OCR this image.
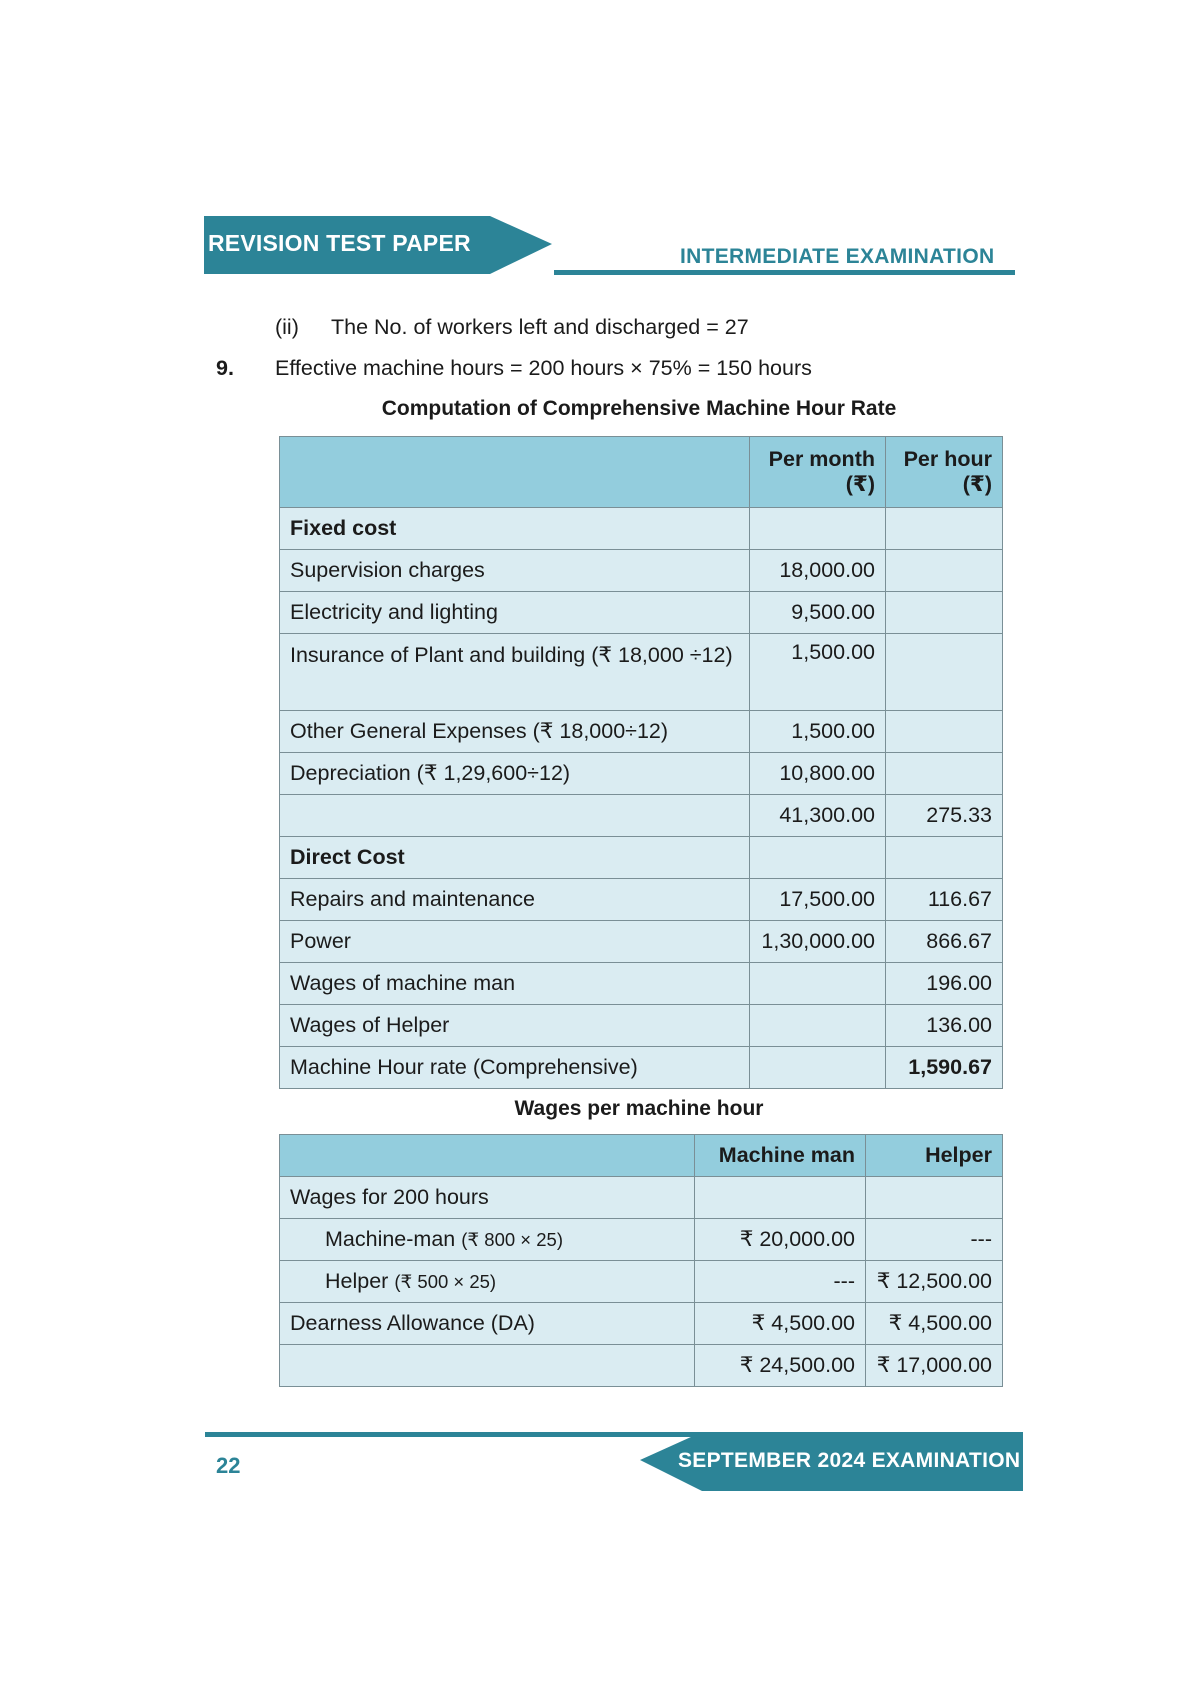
REVISION TEST PAPER
INTERMEDIATE EXAMINATION
(ii) The No. of workers left and discharged = 27
9. Effective machine hours = 200 hours × 75% = 150 hours
Computation of Comprehensive Machine Hour Rate
	Per month (₹)	Per hour (₹)
Fixed cost		
Supervision charges	18,000.00	
Electricity and lighting	9,500.00	

Insurance of Plant and building (₹ 18,000 ÷12)	1,500.00	
Other General Expenses (₹ 18,000÷12)	1,500.00	
Depreciation (₹ 1,29,600÷12)	10,800.00	
	41,300.00	275.33
Direct Cost		
Repairs and maintenance	17,500.00	116.67
Power	1,30,000.00	866.67
Wages of machine man		196.00
Wages of Helper		136.00
Machine Hour rate (Comprehensive)		1,590.67
Wages per machine hour
	Machine man	Helper
Wages for 200 hours		
Machine-man (₹ 800 × 25)	₹ 20,000.00	---
Helper (₹ 500 × 25)	---	₹ 12,500.00
Dearness Allowance (DA)	₹ 4,500.00	₹ 4,500.00
	₹ 24,500.00	₹ 17,000.00
22	SEPTEMBER 2024 EXAMINATION
